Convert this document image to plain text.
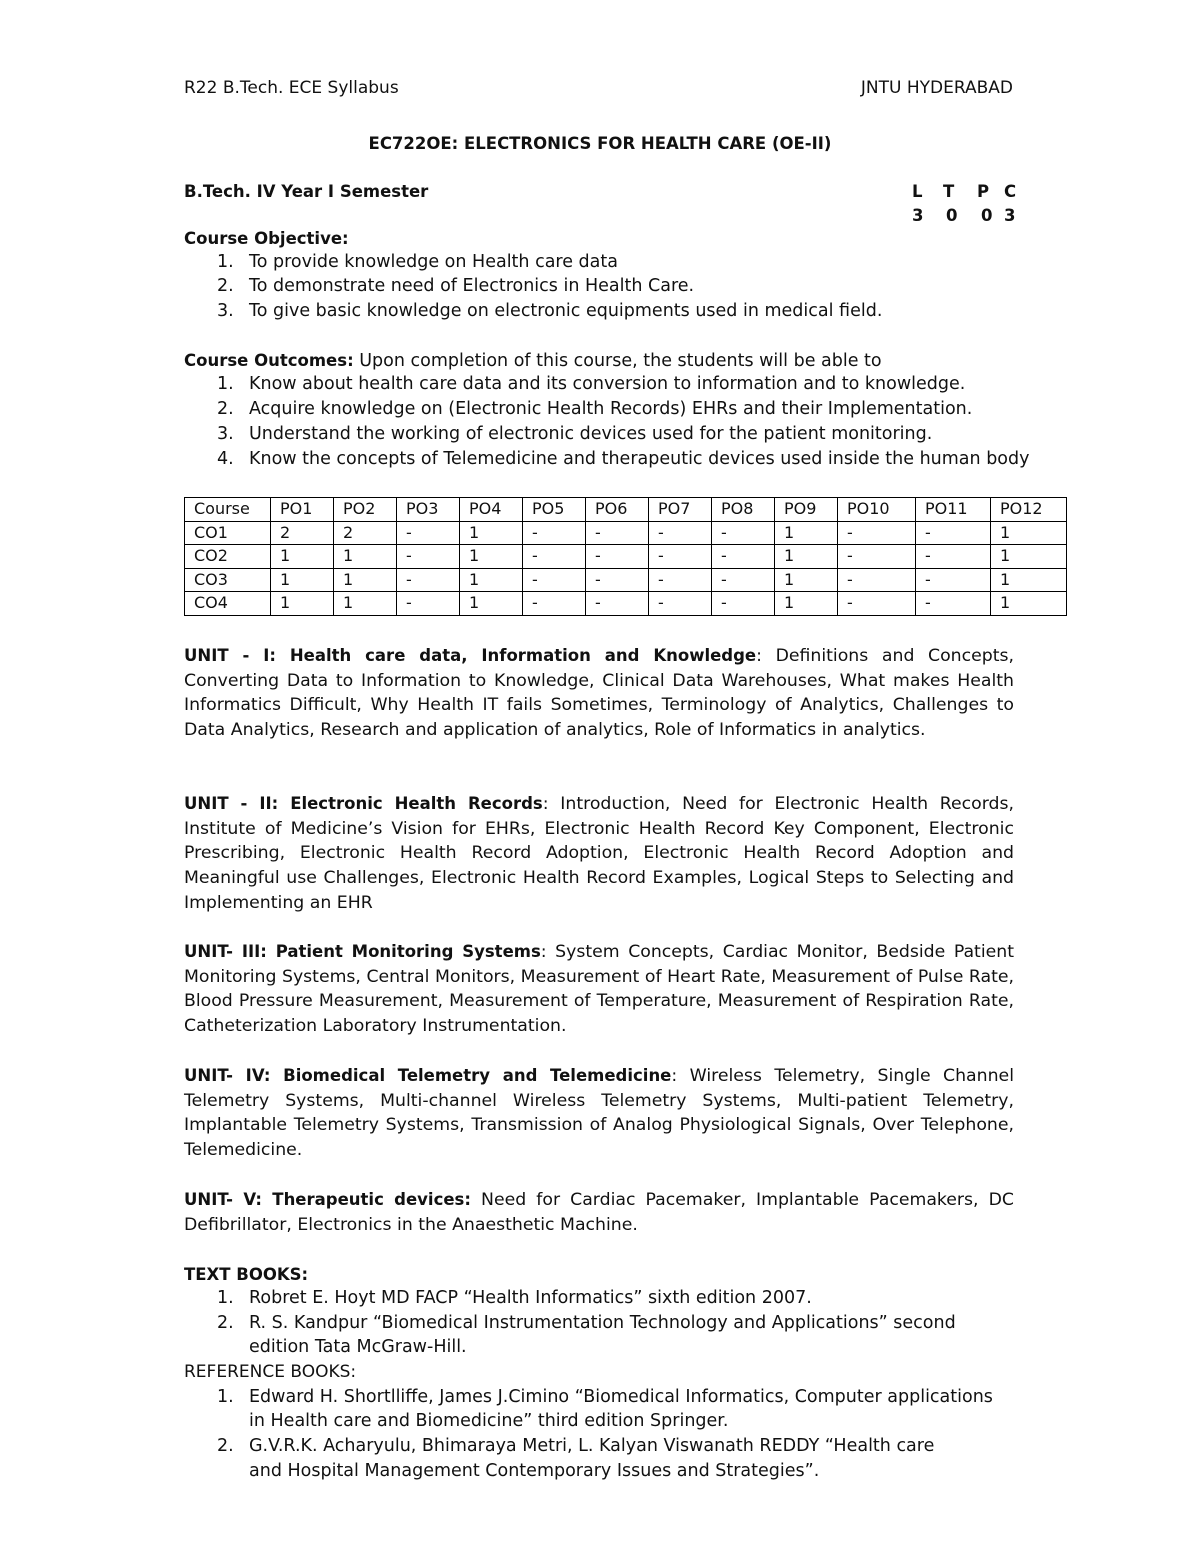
R22 B.Tech. ECE Syllabus	JNTU HYDERABAD
EC722OE: ELECTRONICS FOR HEALTH CARE (OE-II)
B.Tech. IV Year I Semester	L T P C
3 0 0 3
Course Objective:
1. To provide knowledge on Health care data
2. To demonstrate need of Electronics in Health Care.
3. To give basic knowledge on electronic equipments used in medical field.
Course Outcomes: Upon completion of this course, the students will be able to
1. Know about health care data and its conversion to information and to knowledge.
2. Acquire knowledge on (Electronic Health Records) EHRs and their Implementation.
3. Understand the working of electronic devices used for the patient monitoring.
4. Know the concepts of Telemedicine and therapeutic devices used inside the human body
Course	PO1	PO2	PO3	PO4	PO5	PO6	PO7	PO8	PO9	PO10	PO11	PO12
CO1	2	2	-	1	-	-	-	-	1	-	-	1
CO2	1	1	-	1	-	-	-	-	1	-	-	1
CO3	1	1	-	1	-	-	-	-	1	-	-	1
CO4	1	1	-	1	-	-	-	-	1	-	-	1
UNIT - I: Health care data, Information and Knowledge: Definitions and Concepts, Converting Data to Information to Knowledge, Clinical Data Warehouses, What makes Health Informatics Difficult, Why Health IT fails Sometimes, Terminology of Analytics, Challenges to Data Analytics, Research and application of analytics, Role of Informatics in analytics.
UNIT - II: Electronic Health Records: Introduction, Need for Electronic Health Records, Institute of Medicine’s Vision for EHRs, Electronic Health Record Key Component, Electronic Prescribing, Electronic Health Record Adoption, Electronic Health Record Adoption and Meaningful use Challenges, Electronic Health Record Examples, Logical Steps to Selecting and Implementing an EHR
UNIT- III: Patient Monitoring Systems: System Concepts, Cardiac Monitor, Bedside Patient Monitoring Systems, Central Monitors, Measurement of Heart Rate, Measurement of Pulse Rate, Blood Pressure Measurement, Measurement of Temperature, Measurement of Respiration Rate, Catheterization Laboratory Instrumentation.
UNIT- IV: Biomedical Telemetry and Telemedicine: Wireless Telemetry, Single Channel Telemetry Systems, Multi-channel Wireless Telemetry Systems, Multi-patient Telemetry, Implantable Telemetry Systems, Transmission of Analog Physiological Signals, Over Telephone, Telemedicine.
UNIT- V: Therapeutic devices: Need for Cardiac Pacemaker, Implantable Pacemakers, DC Defibrillator, Electronics in the Anaesthetic Machine.
TEXT BOOKS:
1. Robret E. Hoyt MD FACP “Health Informatics” sixth edition 2007.
2. R. S. Kandpur “Biomedical Instrumentation Technology and Applications” second
edition Tata McGraw-Hill.
REFERENCE BOOKS:
1. Edward H. Shortlliffe, James J.Cimino “Biomedical Informatics, Computer applications
in Health care and Biomedicine” third edition Springer.
2. G.V.R.K. Acharyulu, Bhimaraya Metri, L. Kalyan Viswanath REDDY “Health care
and Hospital Management Contemporary Issues and Strategies”.
